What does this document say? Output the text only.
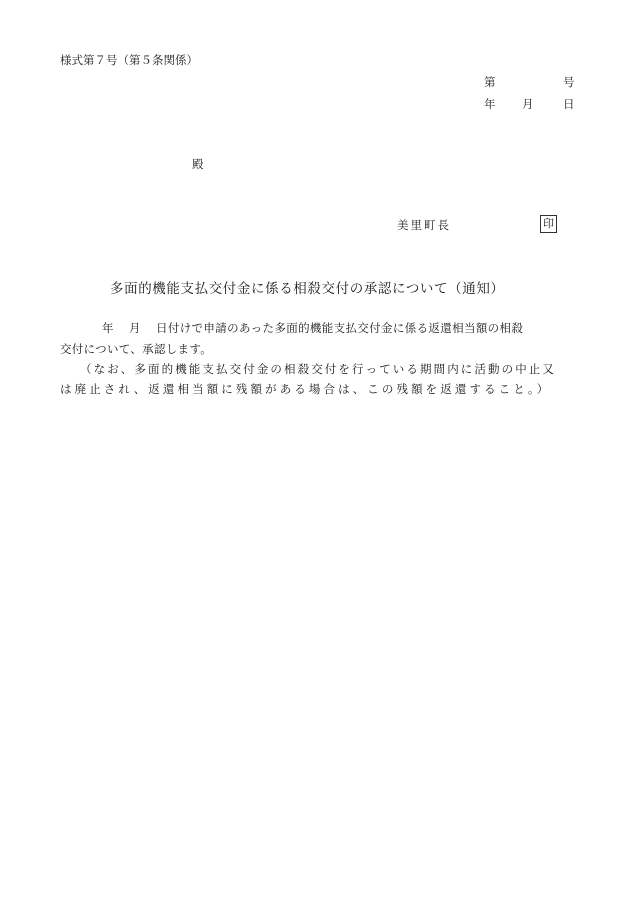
様式第７号（第５条関係）
第	号
年 月	日
殿
美里町長	印
多面的機能支払交付金に係る相殺交付の承認について（通知）
年 月 日付けで申請のあった多面的機能支払交付金に係る返還相当額の相殺
交付について、承認します。
（なお、多面的機能支払交付金の相殺交付を行っている期間内に活動の中止又
は廃止され、返還相当額に残額がある場合は、この残額を返還すること。）
